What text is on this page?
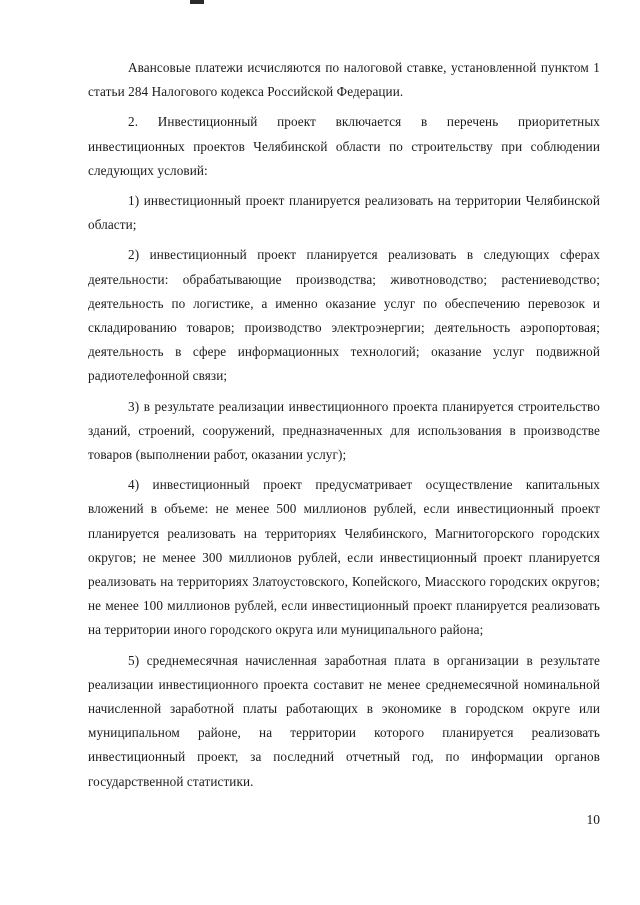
Авансовые платежи исчисляются по налоговой ставке, установленной пунктом 1 статьи 284 Налогового кодекса Российской Федерации.

2. Инвестиционный проект включается в перечень приоритетных инвестиционных проектов Челябинской области по строительству при соблюдении следующих условий:

1) инвестиционный проект планируется реализовать на территории Челябинской области;

2) инвестиционный проект планируется реализовать в следующих сферах деятельности: обрабатывающие производства; животноводство; растениеводство; деятельность по логистике, а именно оказание услуг по обеспечению перевозок и складированию товаров; производство электроэнергии; деятельность аэропортовая; деятельность в сфере информационных технологий; оказание услуг подвижной радиотелефонной связи;

3) в результате реализации инвестиционного проекта планируется строительство зданий, строений, сооружений, предназначенных для использования в производстве товаров (выполнении работ, оказании услуг);

4) инвестиционный проект предусматривает осуществление капитальных вложений в объеме: не менее 500 миллионов рублей, если инвестиционный проект планируется реализовать на территориях Челябинского, Магнитогорского городских округов; не менее 300 миллионов рублей, если инвестиционный проект планируется реализовать на территориях Златоустовского, Копейского, Миасского городских округов; не менее 100 миллионов рублей, если инвестиционный проект планируется реализовать на территории иного городского округа или муниципального района;

5) среднемесячная начисленная заработная плата в организации в результате реализации инвестиционного проекта составит не менее среднемесячной номинальной начисленной заработной платы работающих в экономике в городском округе или муниципальном районе, на территории которого планируется реализовать инвестиционный проект, за последний отчетный год, по информации органов государственной статистики.

10
